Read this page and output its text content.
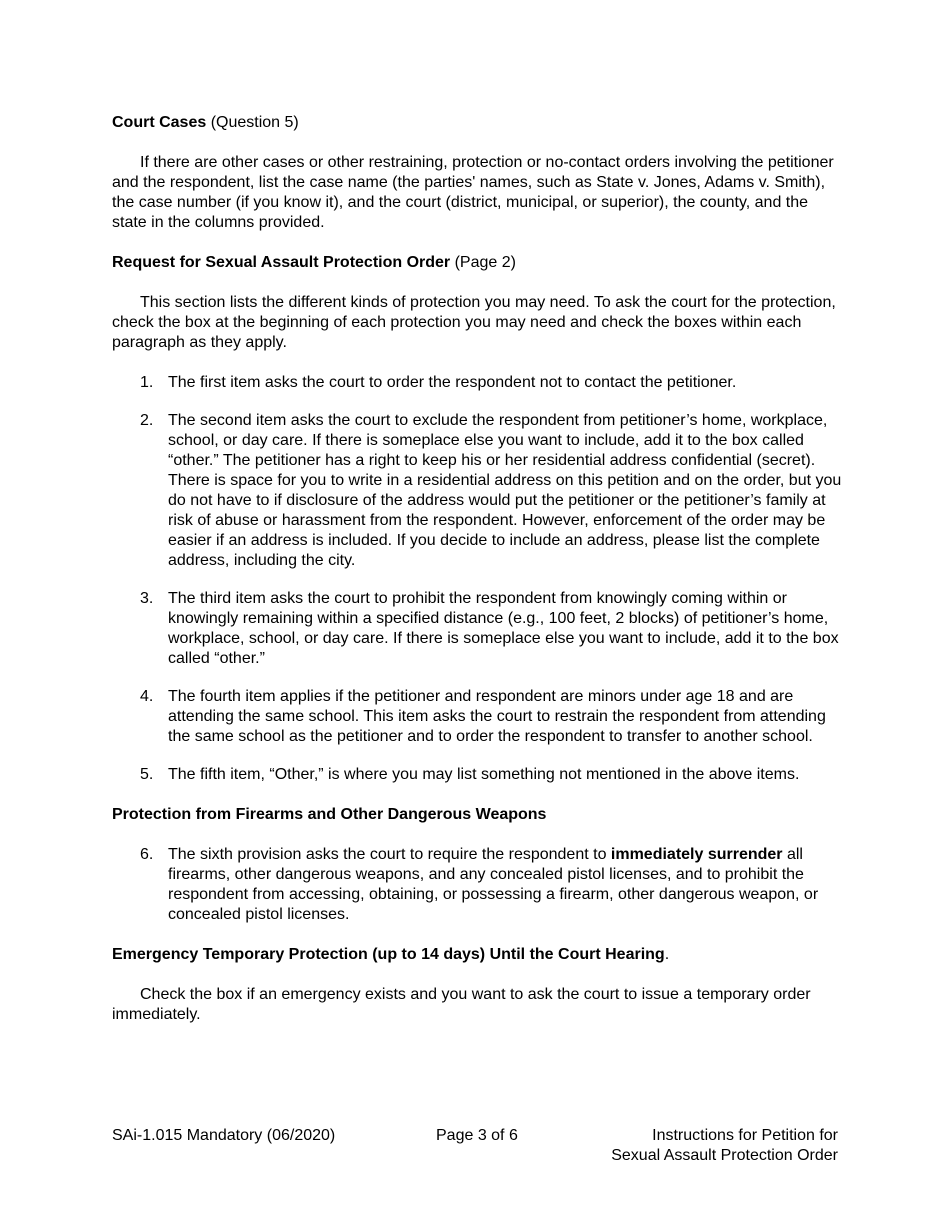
Court Cases (Question 5)

If there are other cases or other restraining, protection or no-contact orders involving the petitioner and the respondent, list the case name (the parties' names, such as State v. Jones, Adams v. Smith), the case number (if you know it), and the court (district, municipal, or superior), the county, and the state in the columns provided.

Request for Sexual Assault Protection Order (Page 2)

This section lists the different kinds of protection you may need. To ask the court for the protection, check the box at the beginning of each protection you may need and check the boxes within each paragraph as they apply.

1. The first item asks the court to order the respondent not to contact the petitioner.
2. The second item asks the court to exclude the respondent from petitioner’s home, workplace, school, or day care. If there is someplace else you want to include, add it to the box called “other.” The petitioner has a right to keep his or her residential address confidential (secret). There is space for you to write in a residential address on this petition and on the order, but you do not have to if disclosure of the address would put the petitioner or the petitioner’s family at risk of abuse or harassment from the respondent. However, enforcement of the order may be easier if an address is included. If you decide to include an address, please list the complete address, including the city.
3. The third item asks the court to prohibit the respondent from knowingly coming within or knowingly remaining within a specified distance (e.g., 100 feet, 2 blocks) of petitioner’s home, workplace, school, or day care. If there is someplace else you want to include, add it to the box called “other.”
4. The fourth item applies if the petitioner and respondent are minors under age 18 and are attending the same school. This item asks the court to restrain the respondent from attending the same school as the petitioner and to order the respondent to transfer to another school.
5. The fifth item, “Other,” is where you may list something not mentioned in the above items.

Protection from Firearms and Other Dangerous Weapons

6. The sixth provision asks the court to require the respondent to immediately surrender all firearms, other dangerous weapons, and any concealed pistol licenses, and to prohibit the respondent from accessing, obtaining, or possessing a firearm, other dangerous weapon, or concealed pistol licenses.

Emergency Temporary Protection (up to 14 days) Until the Court Hearing.

Check the box if an emergency exists and you want to ask the court to issue a temporary order immediately.

SAi-1.015 Mandatory (06/2020)	Page 3 of 6	Instructions for Petition for
Sexual Assault Protection Order
